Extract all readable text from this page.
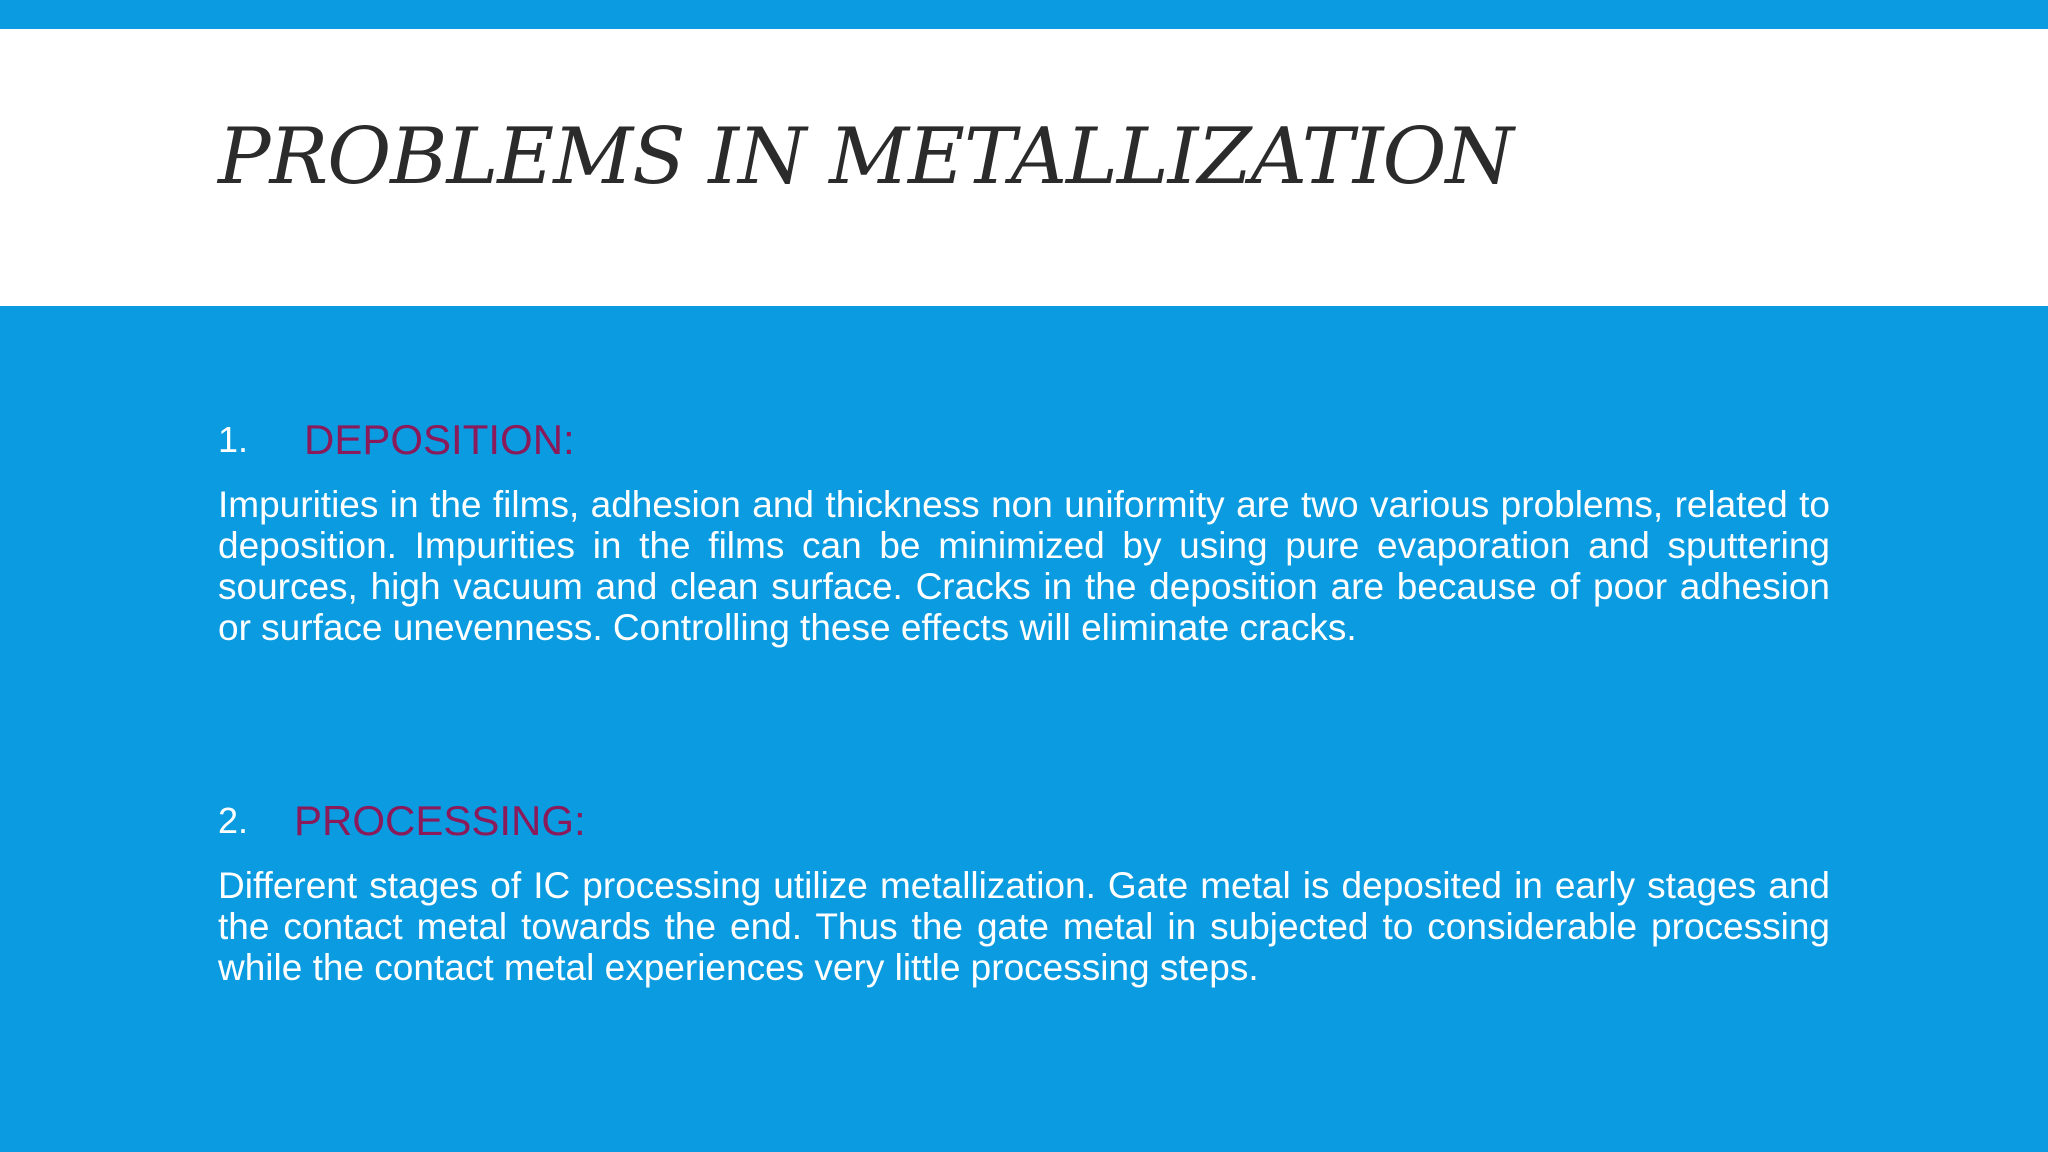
PROBLEMS IN METALLIZATION
1. DEPOSITION:

Impurities in the films, adhesion and thickness non uniformity are two various problems, related to deposition. Impurities in the films can be minimized by using pure evaporation and sputtering sources, high vacuum and clean surface. Cracks in the deposition are because of poor adhesion or surface unevenness. Controlling these effects will eliminate cracks.

2. PROCESSING:

Different stages of IC processing utilize metallization. Gate metal is deposited in early stages and the contact metal towards the end. Thus the gate metal in subjected to considerable processing while the contact metal experiences very little processing steps.
